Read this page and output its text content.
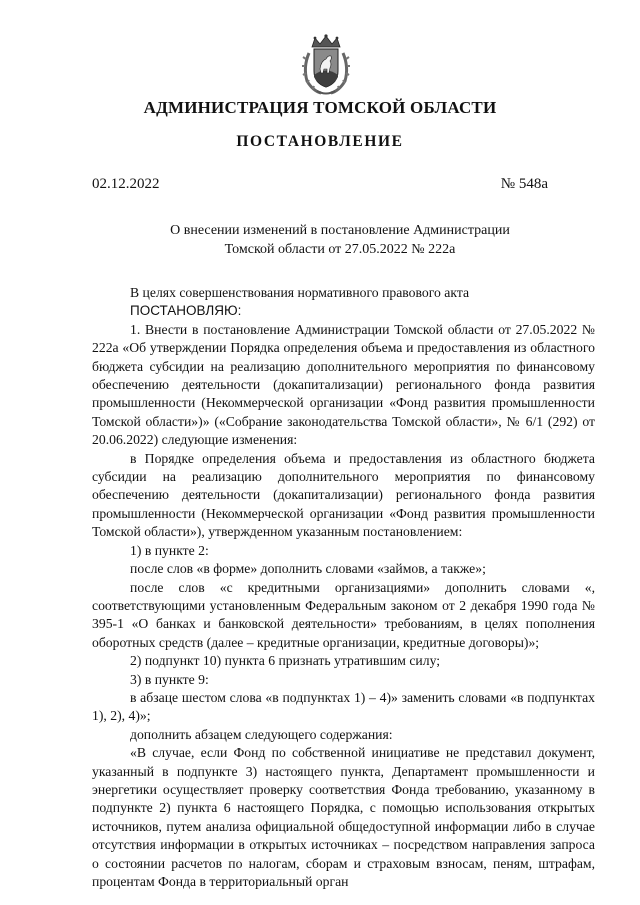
АДМИНИСТРАЦИЯ ТОМСКОЙ ОБЛАСТИ
ПОСТАНОВЛЕНИЕ
02.12.2022	№ 548а
О внесении изменений в постановление Администрации
Томской области от 27.05.2022 № 222а

В целях совершенствования нормативного правового акта

ПОСТАНОВЛЯЮ:

1. Внести в постановление Администрации Томской области от 27.05.2022 № 222а «Об утверждении Порядка определения объема и предоставления из областного бюджета субсидии на реализацию дополнительного мероприятия по финансовому обеспечению деятельности (докапитализации) регионального фонда развития промышленности (Некоммерческой организации «Фонд развития промышленности Томской области»)» («Собрание законодательства Томской области», № 6/1 (292) от 20.06.2022) следующие изменения:

в Порядке определения объема и предоставления из областного бюджета субсидии на реализацию дополнительного мероприятия по финансовому обеспечению деятельности (докапитализации) регионального фонда развития промышленности (Некоммерческой организации «Фонд развития промышленности Томской области»), утвержденном указанным постановлением:

1) в пункте 2:

после слов «в форме» дополнить словами «займов, а также»;

после слов «с кредитными организациями» дополнить словами «, соответствующими установленным Федеральным законом от 2 декабря 1990 года № 395-1 «О банках и банковской деятельности» требованиям, в целях пополнения оборотных средств (далее – кредитные организации, кредитные договоры)»;

2) подпункт 10) пункта 6 признать утратившим силу;

3) в пункте 9:

в абзаце шестом слова «в подпунктах 1) – 4)» заменить словами «в подпунктах 1), 2), 4)»;

дополнить абзацем следующего содержания:

«В случае, если Фонд по собственной инициативе не представил документ, указанный в подпункте 3) настоящего пункта, Департамент промышленности и энергетики осуществляет проверку соответствия Фонда требованию, указанному в подпункте 2) пункта 6 настоящего Порядка, с помощью использования открытых источников, путем анализа официальной общедоступной информации либо в случае отсутствия информации в открытых источниках – посредством направления запроса о состоянии расчетов по налогам, сборам и страховым взносам, пеням, штрафам, процентам Фонда в территориальный орган
